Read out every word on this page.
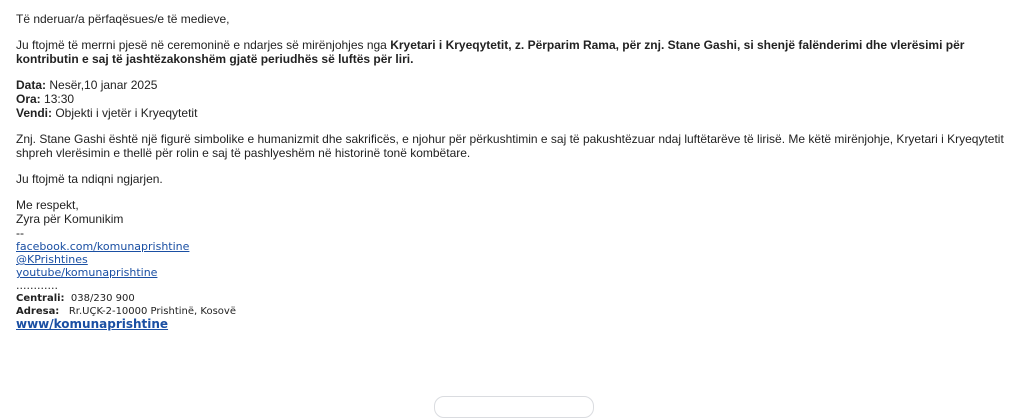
Të nderuar/a përfaqësues/e të medieve,
Ju ftojmë të merrni pjesë në ceremoninë e ndarjes së mirënjohjes nga Kryetari i Kryeqytetit, z. Përparim Rama, për znj. Stane Gashi, si shenjë falënderimi dhe vlerësimi për kontributin e saj të jashtëzakonshëm gjatë periudhës së luftës për liri.
Data: Nesër,10 janar 2025
Ora: 13:30
Vendi: Objekti i vjetër i Kryeqytetit
Znj. Stane Gashi është një figurë simbolike e humanizmit dhe sakrificës, e njohur për përkushtimin e saj të pakushtëzuar ndaj luftëtarëve të lirisë. Me këtë mirënjohje, Kryetari i Kryeqytetit shpreh vlerësimin e thellë për rolin e saj të pashlyeshëm në historinë tonë kombëtare.
Ju ftojmë ta ndiqni ngjarjen.
Me respekt,
Zyra për Komunikim
--
facebook.com/komunaprishtine
@KPrishtines
youtube/komunaprishtine
............
Centrali: 038/230 900
Adresa: Rr.UÇK-2-10000 Prishtinë, Kosovë
www/komunaprishtine
